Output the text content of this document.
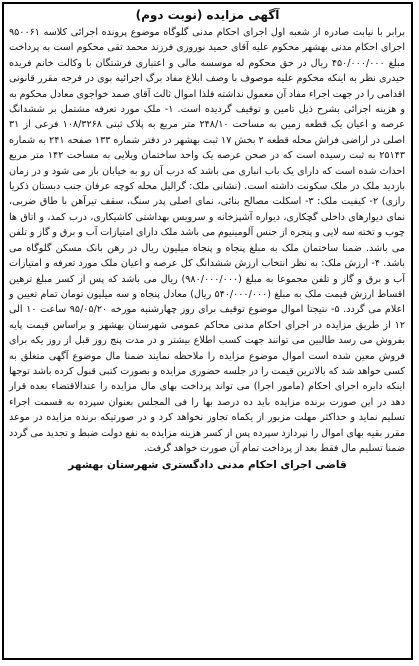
آگهی مزایده (نوبت دوم)

برابر با نیابت صادره از شعبه اول اجرای احکام مدنی گلوگاه موضوع پرونده اجرائی کلاسه ۹۵۰۰۶۱ اجرای احکام مدنی بهشهر محکوم علیه آقای حمید نوروزی فرزند محمد تقی محکوم است به پرداخت مبلغ ۴۵۰/۰۰۰/۰۰۰ ریال در حق محکوم له موسسه مالی و اعتباری فرشتگان با وکالت خانم فریده حیدری نظر به اینکه محکوم علیه موصوف با وصف ابلاغ مفاد برگ اجرائیه بوی در فرجه مقرر قانونی اقدامی را در جهت اجراء مفاد آن معمول نداشته فلذا اموال ثالث آقای صمد خواجوی معادل محکوم به و هزینه اجرائی بشرح ذیل تامین و توقیف گردیده است. ۱- ملک مورد تعرفه مشتمل بر ششدانگ عرصه و اعیان یک قطعه زمین به مساحت ۲۴۸/۱۰ متر مربع به پلاک ثبتی ۱۰۸/۳۲۶۸ فرعی از ۳۱ اصلی در اراضی فراش محله قطعه ۲ بخش ۱۷ ثبت بهشهر در دفتر شماره ۱۳۳ صفحه ۲۴۱ به شماره ۲۵۱۴۳ به ثبت رسیده است که در صحن عرصه یک واحد ساختمان ویلایی به مساحت ۱۴۲ متر مربع احداث شده است که دارای یک باب انباری می باشد که درب آن رو به خیابان باز می شود و در زمان بازدید ملک در ملک سکونت داشته است. (نشانی ملک: گرالیل محله کوچه عرفان جنب دبستان ذکریا رازی) ۲- کیفیت ملک: ۳- اسکلت مصالح بنائی، نمای اصلی پدر سنگ، سقف تیرآهن با طاق ضربی، نمای دیوارهای داخلی گچکاری، دیواره آشپزخانه و سرویس بهداشتی کاشیکاری، درب کمد، و اتاق ها چوب و تخته سه لایی و پنجره از جنس آلومینیوم می باشد ملک دارای امتیازات آب و برق و گاز و تلفن می باشد. ضمنا ساختمان ملک به مبلغ پنجاه و پنجاه میلیون ریال در رهن بانک مسکن گلوگاه می باشد. ۴- ارزش ملک: به نظر انتخاب ارزش ششدانگ کل عرصه و اعیان ملک مورد تعرفه و امتیازات آب و برق و گاز و تلفن مجموعا به مبلغ (۹۸۰/۰۰۰/۰۰۰) ریال می باشد که پس از کسر مبلغ ترهین اقساط ارزش قیمت ملک به مبلغ (۵۴۰/۰۰۰/۰۰۰ ریال) معادل پنجاه و سه میلیون تومان تمام تعیین و اعلام می گردد. ۵- نتیجتا اموال موضوع توقیف برای روز چهارشنبه مورخه ۹۵/۰۵/۲۰ ساعت ۱۰ الی ۱۲ از طریق مزایده در اجرای احکام مدنی محاکم عمومی شهرستان بهشهر و براساس قیمت پایه بفروش می رسد طالبین می توانند جهت کسب اطلاع بیشتر و در مدت پنج روز قبل از روز یکه برای فروش معین شده است اموال موضوع مزایده را ملاحظه نمایند ضمنا مال موضوع آگهی متعلق به کسی خواهد شد که بالاترین قیمت را در جلسه حضوری مزایده و بصورت کتبی قبول کرده باشد توجها اینکه دایره اجرای احکام (مامور اجرا) می تواند پرداخت بهای مال مزایده را عندالاقتضاء بعده قرار دهد در این صورت برنده مزایده باید ده درصد بها را فی المجلس بعنوان سپرده به قسمت اجراء تسلیم نماید و حداکثر مهلت مزبور از یکماه تجاوز نخواهد کرد و در صورتیکه برنده مزایده در موعد مقرر بقیه بهای اموال را نپردازد سپرده پس از کسر هزینه مزایده به نفع دولت ضبط و تجدید می گردد ضمنا تسلیم مال فقط بعد از پرداخت تمام آن صورت خواهد گرفت.

قاضی اجرای احکام مدنی دادگستری شهرستان بهشهر
